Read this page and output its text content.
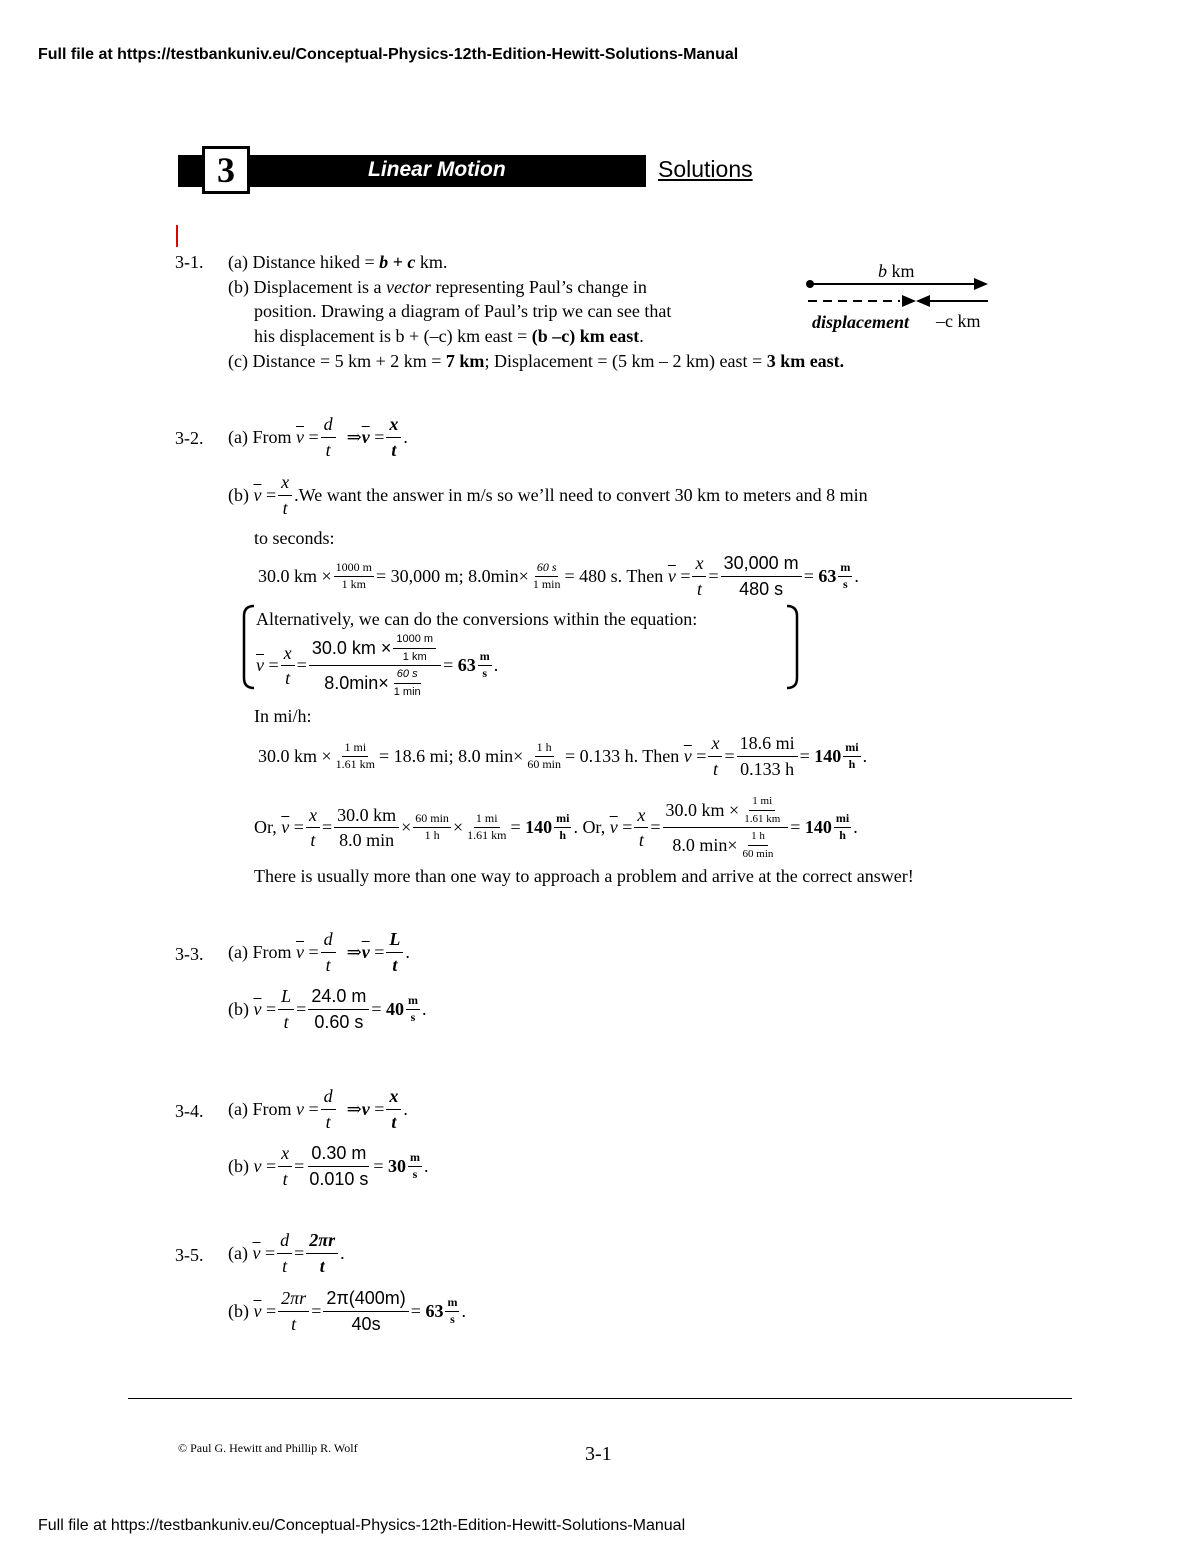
Full file at https://testbankuniv.eu/Conceptual-Physics-12th-Edition-Hewitt-Solutions-Manual
Full file at https://testbankuniv.eu/Conceptual-Physics-12th-Edition-Hewitt-Solutions-Manual
3	Linear Motion	Solutions
b km
displacement –c km
3-1. (a) Distance hiked = b + c km.
(b) Displacement is a vector representing Paul’s change in
position. Drawing a diagram of Paul’s trip we can see that
his displacement is b + (–c) km east = (b –c) km east.
(c) Distance = 5 km + 2 km = 7 km; Displacement = (5 km – 2 km) east = 3 km east.
3-2. (a) From
$\overline{v}$
= $\frac{d}{t}$
⇒ $\overline{v}$
= $\frac{x}{t}$ .
(b)
$\overline{v}$
= $\frac{x}{t}$ . We want the answer in m/s so we’ll need to convert 30 km to meters and 8 min
to seconds:
30.0 km × $\frac{1000 m}{1 km} = 30,000$ m; $8.0\min\times \frac{60 s}{1 \min} = 480$ s. Then
$\overline{v}$
= $\frac{x}{t} = \frac{30,000 m}{480 s}$ =
$63 \frac{m}{s}$ .
Alternatively, we can do the conversions within the equation:
$\overline{v}$
= $\frac{x}{t} = \frac{30.0 km \times \frac{1000 m}{1 km}}{8.0\min\times \frac{60 s}{1 \min}}$ =
$63 \frac{m}{s}$ .
In mi/h:
30.0 km × $\frac{1 mi}{1.61 km} = 18.6$ mi; 8.0 $\min\times \frac{1 h}{60 \min} = 0.133$ h. Then
$\overline{v}$
= $\frac{x}{t} = \frac{18.6 mi}{0.133 h}$ =
$140 \frac{mi}{h}$ .
Or,
$\overline{v}$
= $\frac{x}{t} = \frac{30.0 km}{8.0 \min} \times \frac{60 \min}{1 h} \times \frac{1 mi}{1.61 km}$ =
$140 \frac{mi}{h}$ . Or,
$\overline{v}$
= $\frac{x}{t} = \frac{30.0 km \times \frac{1 mi}{1.61 km}}{8.0 \min\times \frac{1 h}{60 \min}}$ =
$140 \frac{mi}{h}$ .
There is usually more than one way to approach a problem and arrive at the correct answer!
3-3. (a) From
$\overline{v}$
= $\frac{d}{t}$
⇒ $\overline{v}$
= $\frac{L}{t}$ .
(b)
$\overline{v}$
= $\frac{L}{t} = \frac{24.0 m}{0.60 s}$ =
$40 \frac{m}{s}$ .
3-4. (a) From
v
= $\frac{d}{t}$
⇒ v
= $\frac{x}{t}$ .
(b)
v
= $\frac{x}{t} = \frac{0.30 m}{0.010 s}$ =
$30 \frac{m}{s}$ .
3-5. (a)
$\overline{v}$
= $\frac{d}{t} = \frac{2\pi r}{t}$ .
(b)
$\overline{v}$
= $\frac{2\pi r}{t} = \frac{2\pi(400m)}{40s}$ =
$63 \frac{m}{s}$ .
© Paul G. Hewitt and Phillip R. Wolf	3-1
